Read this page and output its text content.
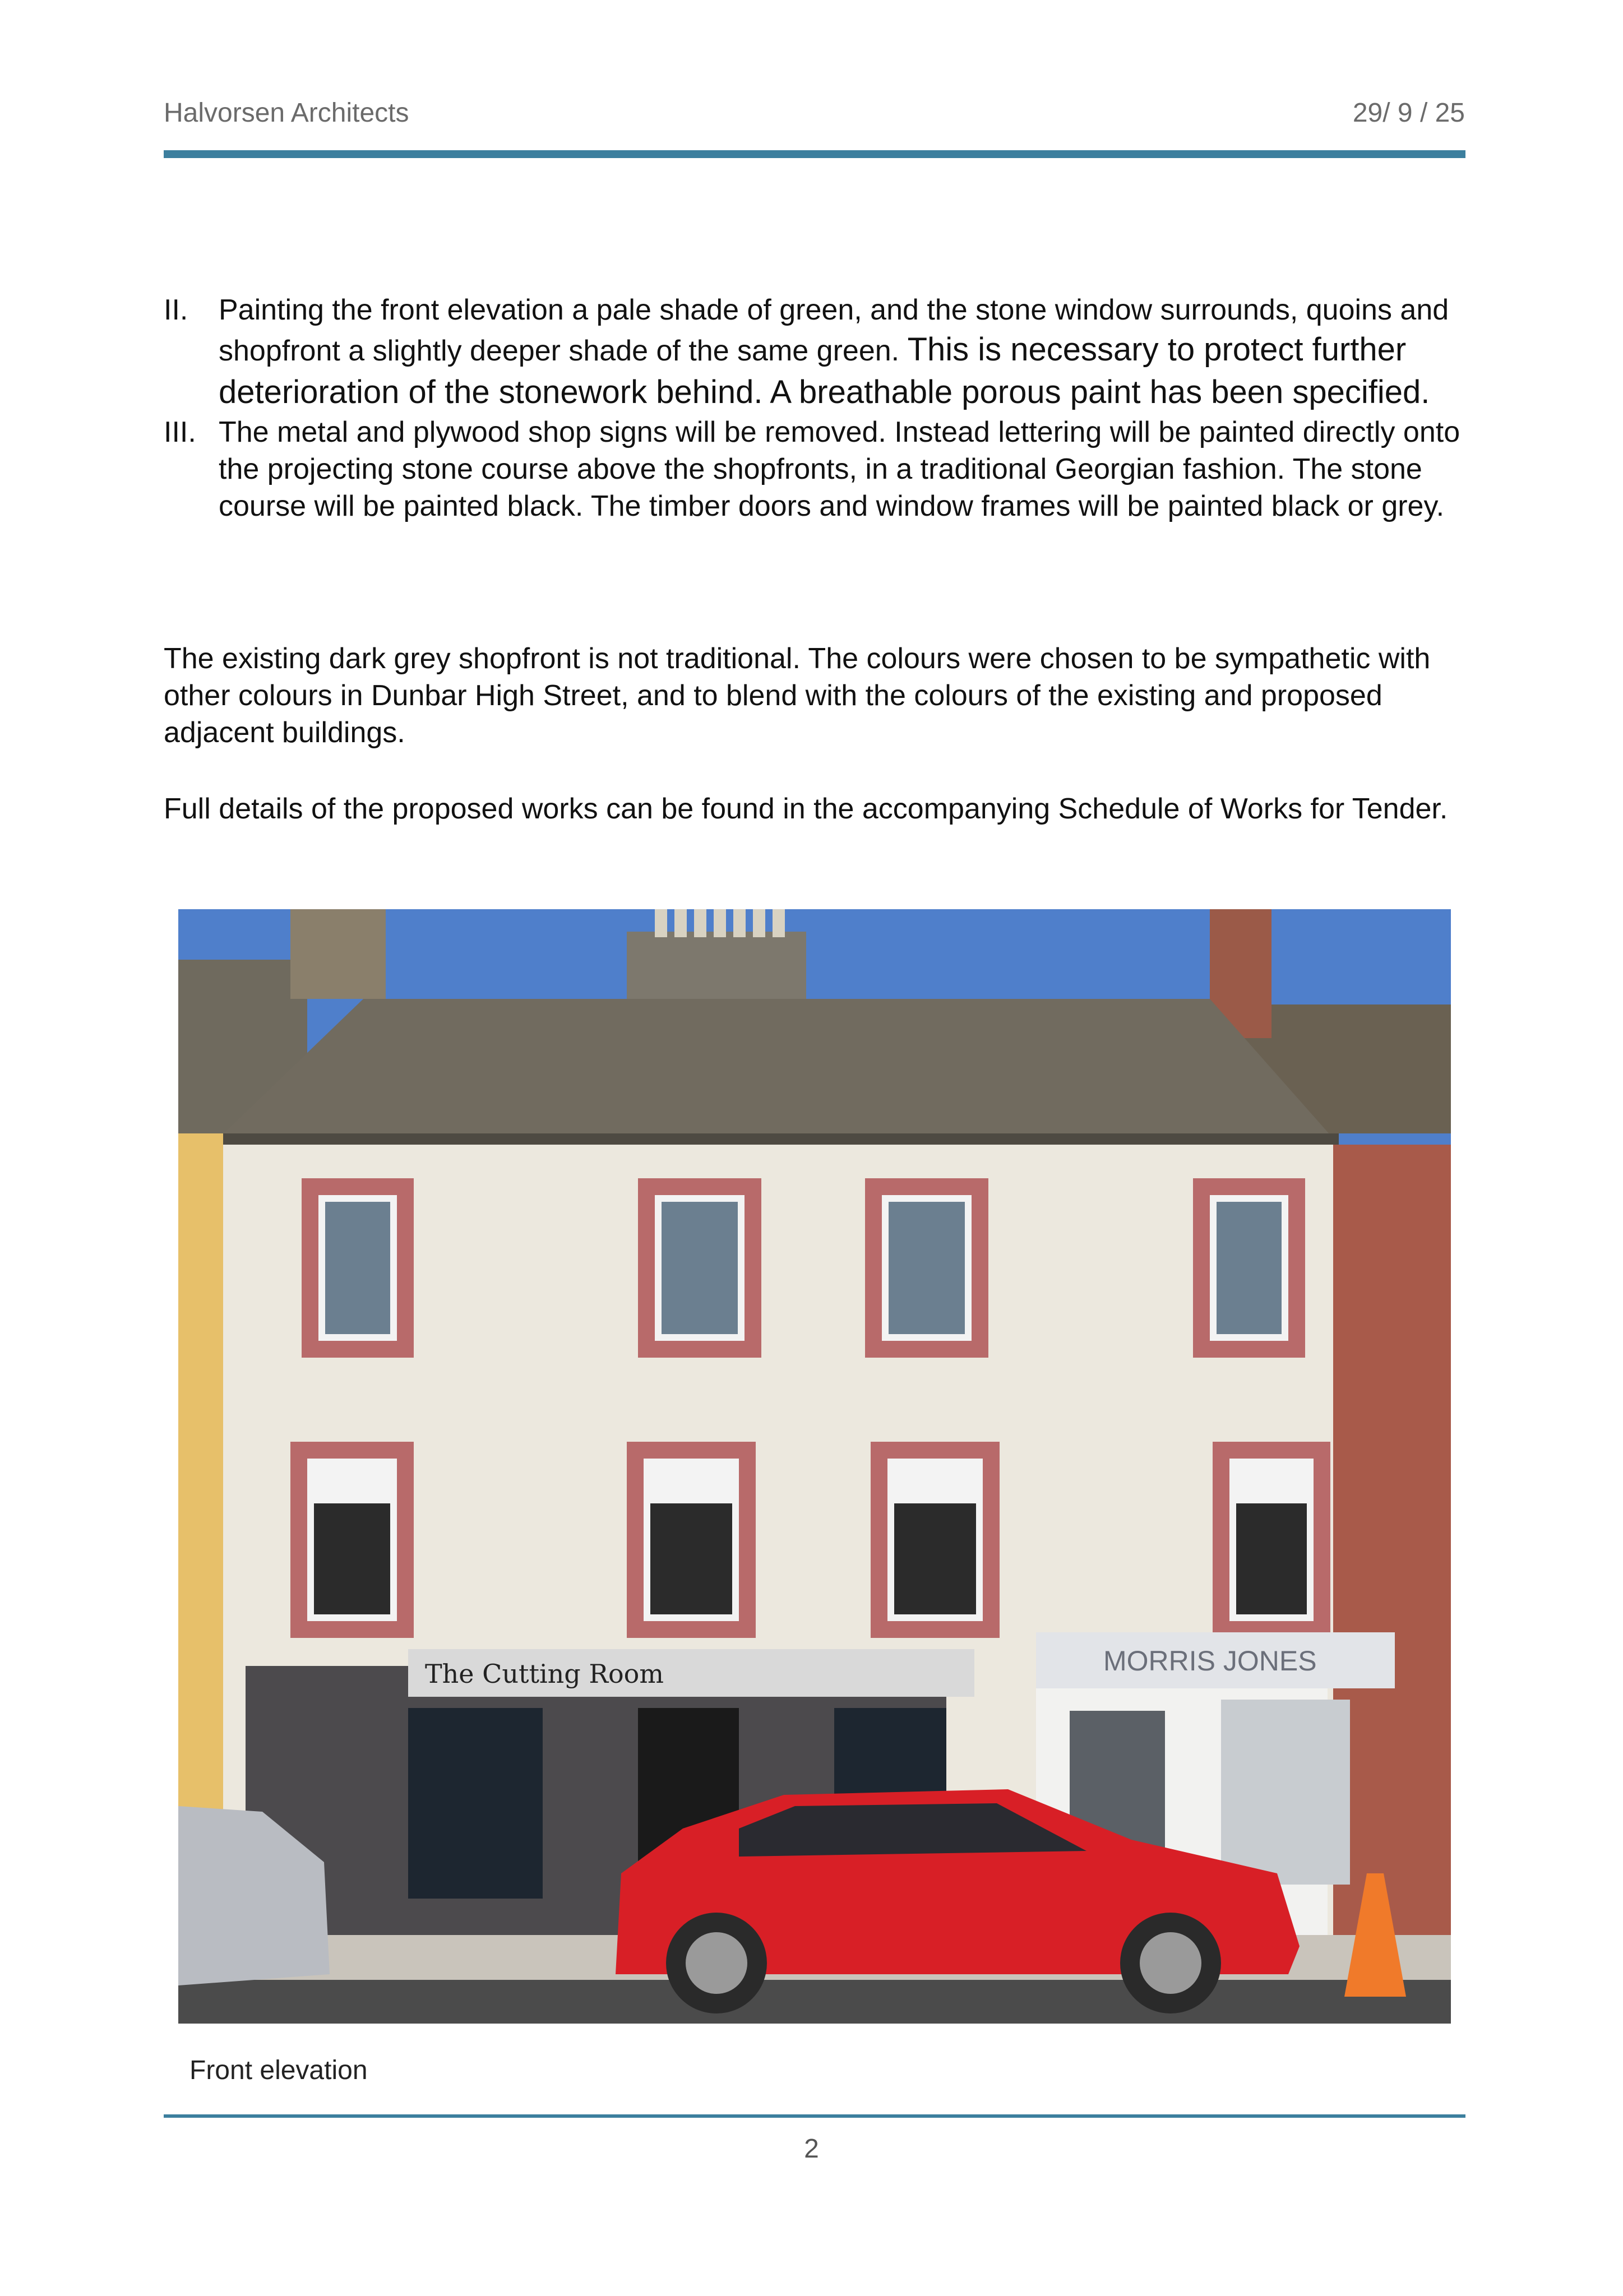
Halvorsen Architects	29/ 9 / 25
II. Painting the front elevation a pale shade of green, and the stone window surrounds, quoins and shopfront a slightly deeper shade of the same green. This is necessary to protect further deterioration of the stonework behind. A breathable porous paint has been specified.
III. The metal and plywood shop signs will be removed. Instead lettering will be painted directly onto the projecting stone course above the shopfronts, in a traditional Georgian fashion. The stone course will be painted black. The timber doors and window frames will be painted black or grey.
The existing dark grey shopfront is not traditional. The colours were chosen to be sympathetic with other colours in Dunbar High Street, and to blend with the colours of the existing and proposed adjacent buildings.
Full details of the proposed works can be found in the accompanying Schedule of Works for Tender.
The Cutting Room	MORRIS JONES
Front elevation
2
